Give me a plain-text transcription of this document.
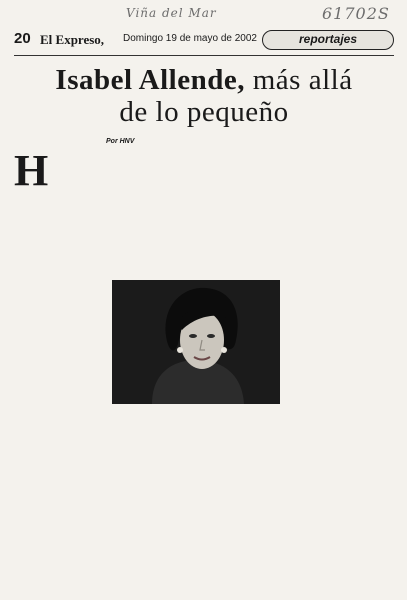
Viña del Mar	61702S
20 El Expreso, Domingo 19 de mayo de 2002	reportajes
Isabel Allende, más allá
de lo pequeño
Por HNV
H
